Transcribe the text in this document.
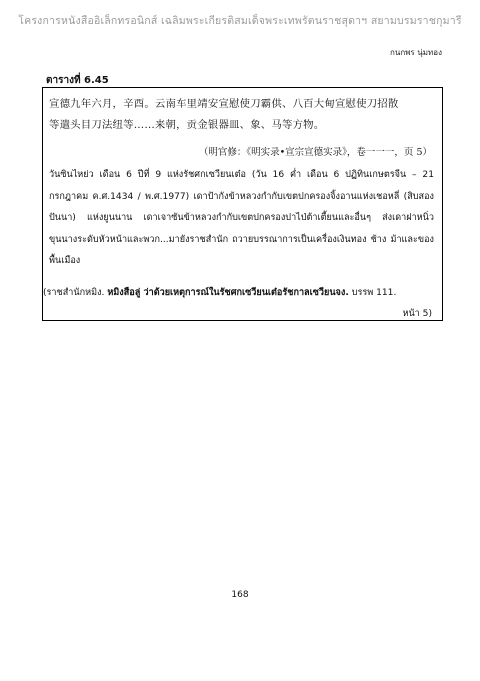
โครงการหนังสืออิเล็กทรอนิกส์ เฉลิมพระเกียรติสมเด็จพระเทพรัตนราชสุดาฯ สยามบรมราชกุมารี
กนกพร นุ่มทอง
ตารางที่ 6.45
宣德九年六月，辛酉。云南车里靖安宣慰使刀霸供、八百大甸宣慰使刀招散
等遣头目刀法纽等……来朝，贡金银器皿、象、马等方物。
（明官修：《明实录•宣宗宣德实录》，卷一一一，页 5）
วันซินไหย่ว เดือน 6 ปีที่ 9 แห่งรัชศกเซวียนเต๋อ (วัน 16 ค่ำ เดือน 6 ปฏิทินเกษตรจีน – 21 กรกฎาคม ค.ศ.1434 / พ.ศ.1977) เดาป้ากังข้าหลวงกำกับเขตปกครองจิ้งอานแห่งเชอหลี่ (สิบสองปันนา) แห่งยูนนาน เดาเจาซันข้าหลวงกำกับเขตปกครองปาไป่ต้าเตี้ยนและอื่นๆ ส่งเดาฝาหนิ่วขุนนางระดับหัวหน้าและพวก...มายังราชสำนัก ถวายบรรณาการเป็นเครื่องเงินทอง ช้าง ม้าและของพื้นเมือง
(ราชสำนักหมิง. หมิงสือลู่ ว่าด้วยเหตุการณ์ในรัชศกเซวียนเต๋อรัชกาลเซวียนจง. บรรพ 111.
หน้า 5)
168
